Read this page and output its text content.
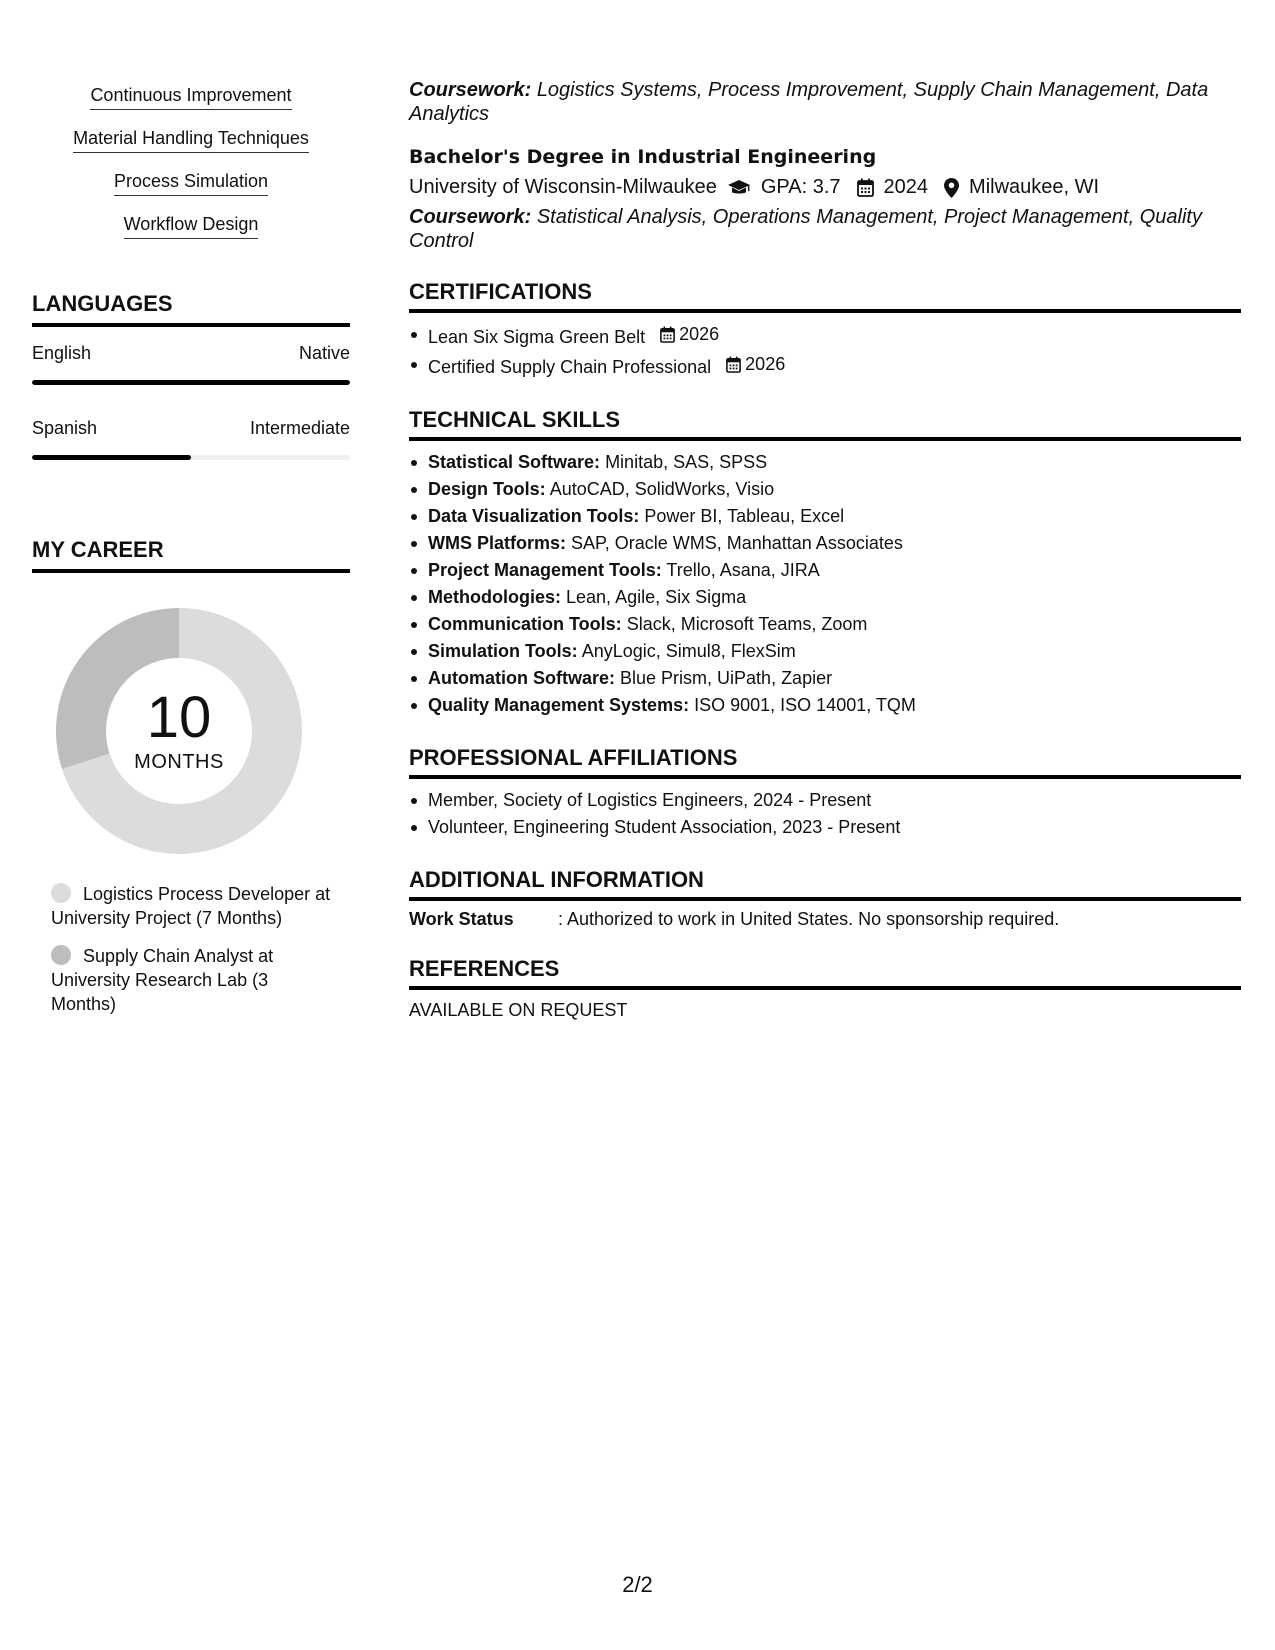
Continuous Improvement
Material Handling Techniques
Process Simulation
Workflow Design
LANGUAGES
English	Native
Spanish	Intermediate
MY CAREER
10
MONTHS
Logistics Process Developer at University Project (7 Months)
Supply Chain Analyst at University Research Lab (3 Months)
Coursework: Logistics Systems, Process Improvement, Supply Chain Management, Data Analytics
Bachelor's Degree in Industrial Engineering
University of Wisconsin-Milwaukee GPA: 3.7 2024 Milwaukee, WI
Coursework: Statistical Analysis, Operations Management, Project Management, Quality Control
CERTIFICATIONS
Lean Six Sigma Green Belt 2026
Certified Supply Chain Professional 2026
TECHNICAL SKILLS
Statistical Software: Minitab, SAS, SPSS
Design Tools: AutoCAD, SolidWorks, Visio
Data Visualization Tools: Power BI, Tableau, Excel
WMS Platforms: SAP, Oracle WMS, Manhattan Associates
Project Management Tools: Trello, Asana, JIRA
Methodologies: Lean, Agile, Six Sigma
Communication Tools: Slack, Microsoft Teams, Zoom
Simulation Tools: AnyLogic, Simul8, FlexSim
Automation Software: Blue Prism, UiPath, Zapier
Quality Management Systems: ISO 9001, ISO 14001, TQM
PROFESSIONAL AFFILIATIONS
Member, Society of Logistics Engineers, 2024 - Present
Volunteer, Engineering Student Association, 2023 - Present
ADDITIONAL INFORMATION
Work Status	: Authorized to work in United States. No sponsorship required.
REFERENCES
AVAILABLE ON REQUEST
2/2
